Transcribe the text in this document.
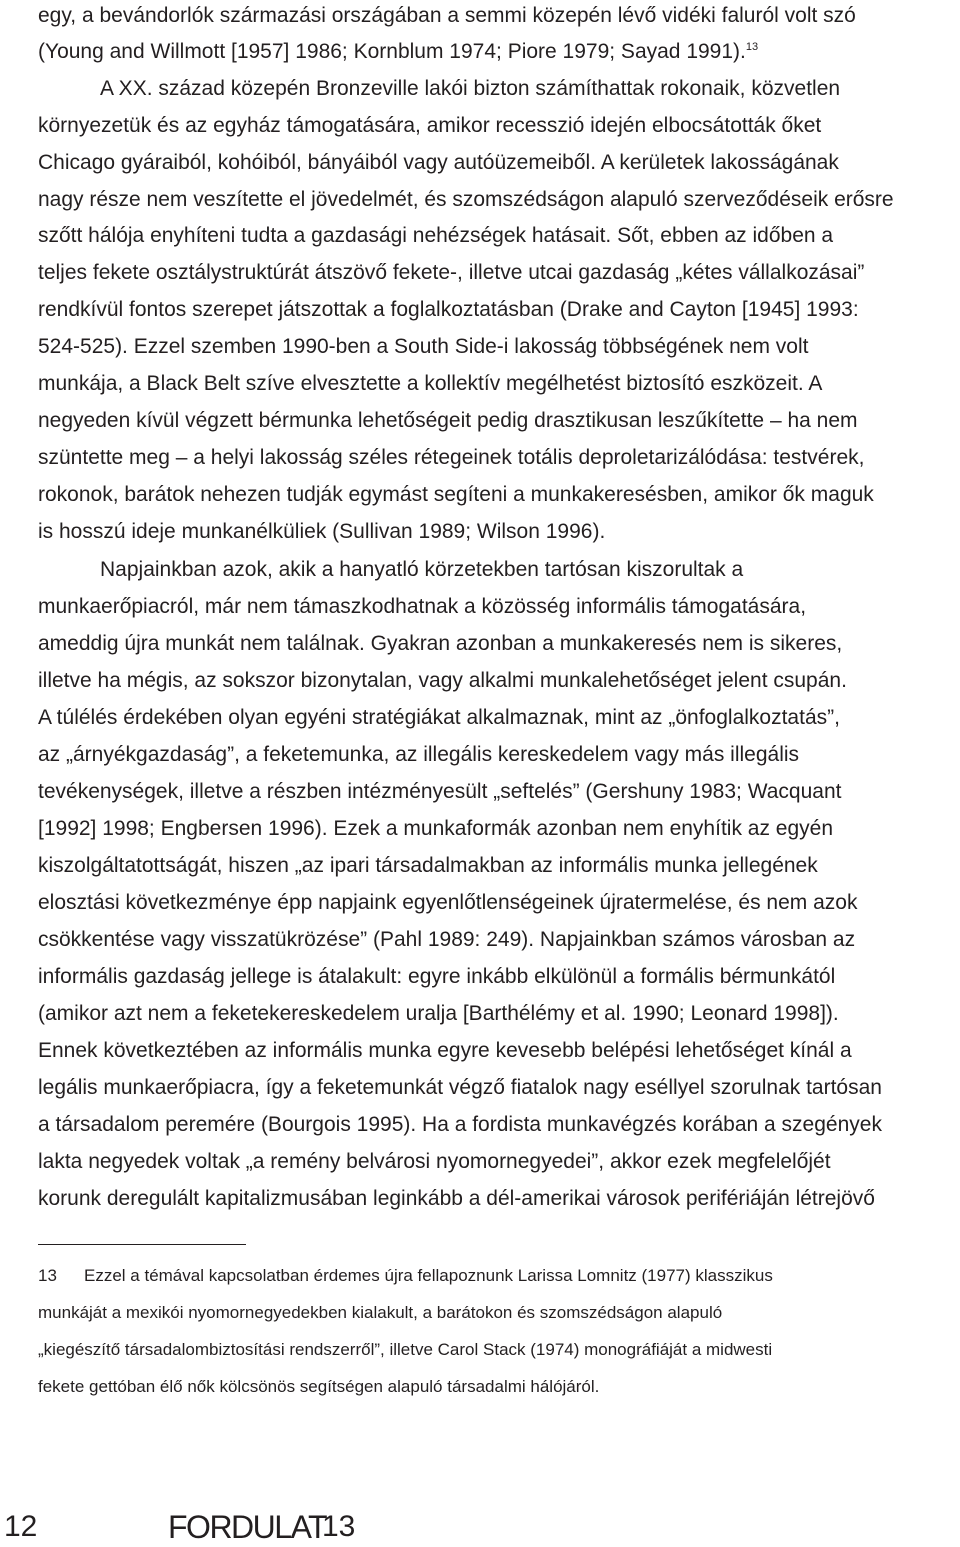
egy, a bevándorlók származási országában a semmi közepén lévő vidéki faluról volt szó
(Young and Willmott [1957] 1986; Kornblum 1974; Piore 1979; Sayad 1991).$^{13}$
A XX. század közepén Bronzeville lakói bizton számíthattak rokonaik, közvetlen
környezetük és az egyház támogatására, amikor recesszió idején elbocsátották őket
Chicago gyáraiból, kohóiból, bányáiból vagy autóüzemeiből. A kerületek lakosságának
nagy része nem veszítette el jövedelmét, és szomszédságon alapuló szerveződéseik erősre
szőtt hálója enyhíteni tudta a gazdasági nehézségek hatásait. Sőt, ebben az időben a
teljes fekete osztálystruktúrát átszövő fekete-, illetve utcai gazdaság „kétes vállalkozásai”
rendkívül fontos szerepet játszottak a foglalkoztatásban (Drake and Cayton [1945] 1993:
524-525). Ezzel szemben 1990-ben a South Side-i lakosság többségének nem volt
munkája, a Black Belt szíve elvesztette a kollektív megélhetést biztosító eszközeit. A
negyeden kívül végzett bérmunka lehetőségeit pedig drasztikusan leszűkítette – ha nem
szüntette meg – a helyi lakosság széles rétegeinek totális deproletarizálódása: testvérek,
rokonok, barátok nehezen tudják egymást segíteni a munkakeresésben, amikor ők maguk
is hosszú ideje munkanélküliek (Sullivan 1989; Wilson 1996).
Napjainkban azok, akik a hanyatló körzetekben tartósan kiszorultak a
munkaerőpiacról, már nem támaszkodhatnak a közösség informális támogatására,
ameddig újra munkát nem találnak. Gyakran azonban a munkakeresés nem is sikeres,
illetve ha mégis, az sokszor bizonytalan, vagy alkalmi munkalehetőséget jelent csupán.
A túlélés érdekében olyan egyéni stratégiákat alkalmaznak, mint az „önfoglalkoztatás”,
az „árnyékgazdaság”, a feketemunka, az illegális kereskedelem vagy más illegális
tevékenységek, illetve a részben intézményesült „seftelés” (Gershuny 1983; Wacquant
[1992] 1998; Engbersen 1996). Ezek a munkaformák azonban nem enyhítik az egyén
kiszolgáltatottságát, hiszen „az ipari társadalmakban az informális munka jellegének
elosztási következménye épp napjaink egyenlőtlenségeinek újratermelése, és nem azok
csökkentése vagy visszatükrözése” (Pahl 1989: 249). Napjainkban számos városban az
informális gazdaság jellege is átalakult: egyre inkább elkülönül a formális bérmunkától
(amikor azt nem a feketekereskedelem uralja [Barthélémy et al. 1990; Leonard 1998]).
Ennek következtében az informális munka egyre kevesebb belépési lehetőséget kínál a
legális munkaerőpiacra, így a feketemunkát végző fiatalok nagy eséllyel szorulnak tartósan
a társadalom peremére (Bourgois 1995). Ha a fordista munkavégzés korában a szegények
lakta negyedek voltak „a remény belvárosi nyomornegyedei”, akkor ezek megfelelőjét
korunk deregulált kapitalizmusában leginkább a dél-amerikai városok perifériáján létrejövő
13 Ezzel a témával kapcsolatban érdemes újra fellapoznunk Larissa Lomnitz (1977) klasszikus
munkáját a mexikói nyomornegyedekben kialakult, a barátokon és szomszédságon alapuló
„kiegészítő társadalombiztosítási rendszerről”, illetve Carol Stack (1974) monográfiáját a midwesti
fekete gettóban élő nők kölcsönös segítségen alapuló társadalmi hálójáról.
12	FORDULAT
13
